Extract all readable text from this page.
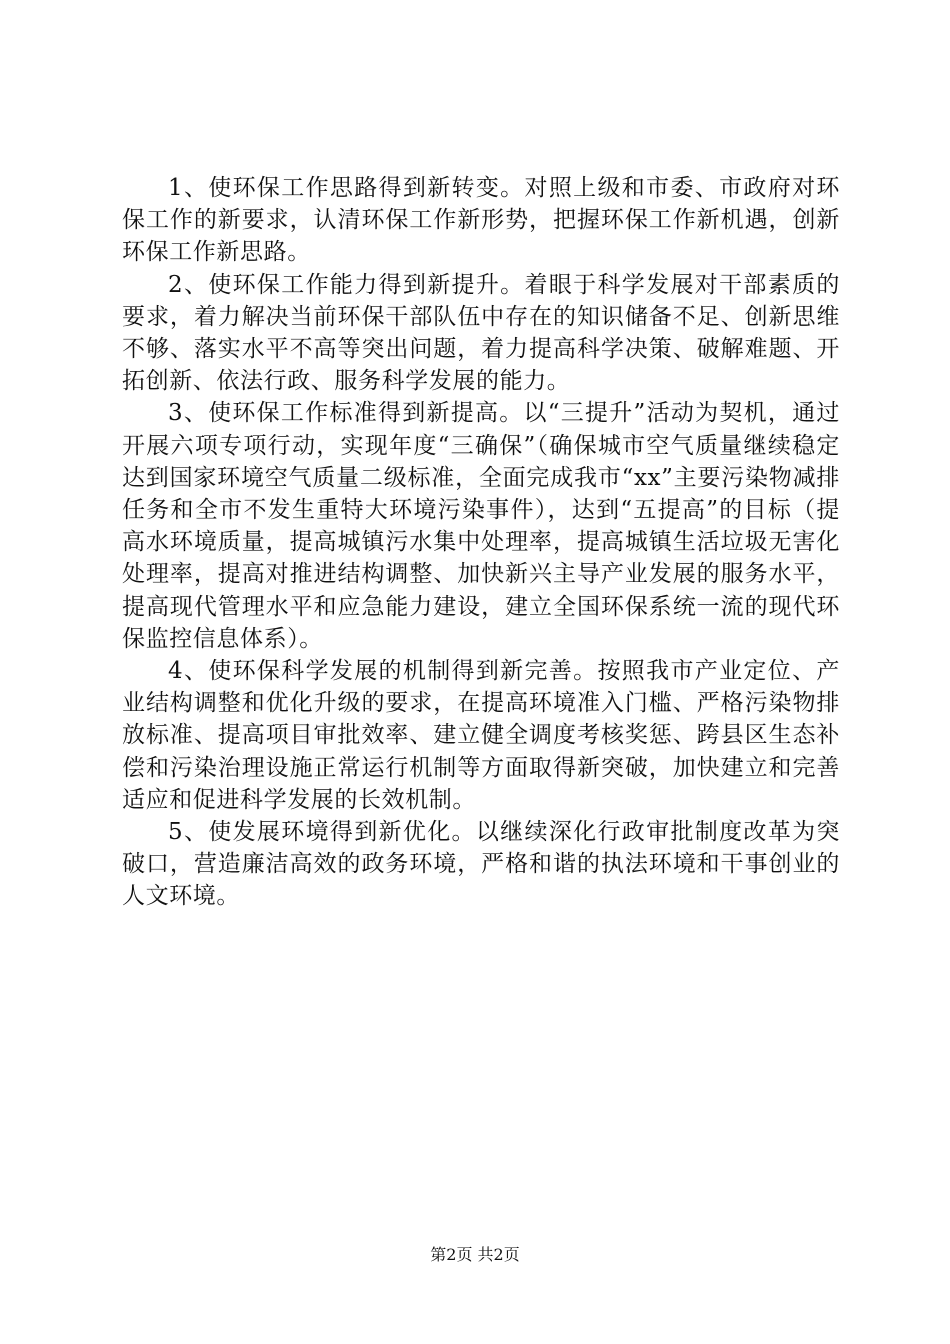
1、使环保工作思路得到新转变。对照上级和市委、市政府对环保工作的新要求，认清环保工作新形势，把握环保工作新机遇，创新环保工作新思路。

2、使环保工作能力得到新提升。着眼于科学发展对干部素质的要求，着力解决当前环保干部队伍中存在的知识储备不足、创新思维不够、落实水平不高等突出问题，着力提高科学决策、破解难题、开拓创新、依法行政、服务科学发展的能力。

3、使环保工作标准得到新提高。以“三提升”活动为契机，通过开展六项专项行动，实现年度“三确保”（确保城市空气质量继续稳定达到国家环境空气质量二级标准，全面完成我市“xx”主要污染物减排任务和全市不发生重特大环境污染事件），达到“五提高”的目标（提高水环境质量，提高城镇污水集中处理率，提高城镇生活垃圾无害化处理率，提高对推进结构调整、加快新兴主导产业发展的服务水平，提高现代管理水平和应急能力建设，建立全国环保系统一流的现代环保监控信息体系）。

4、使环保科学发展的机制得到新完善。按照我市产业定位、产业结构调整和优化升级的要求，在提高环境准入门槛、严格污染物排放标准、提高项目审批效率、建立健全调度考核奖惩、跨县区生态补偿和污染治理设施正常运行机制等方面取得新突破，加快建立和完善适应和促进科学发展的长效机制。

5、使发展环境得到新优化。以继续深化行政审批制度改革为突破口，营造廉洁高效的政务环境，严格和谐的执法环境和干事创业的人文环境。

第2页 共2页
